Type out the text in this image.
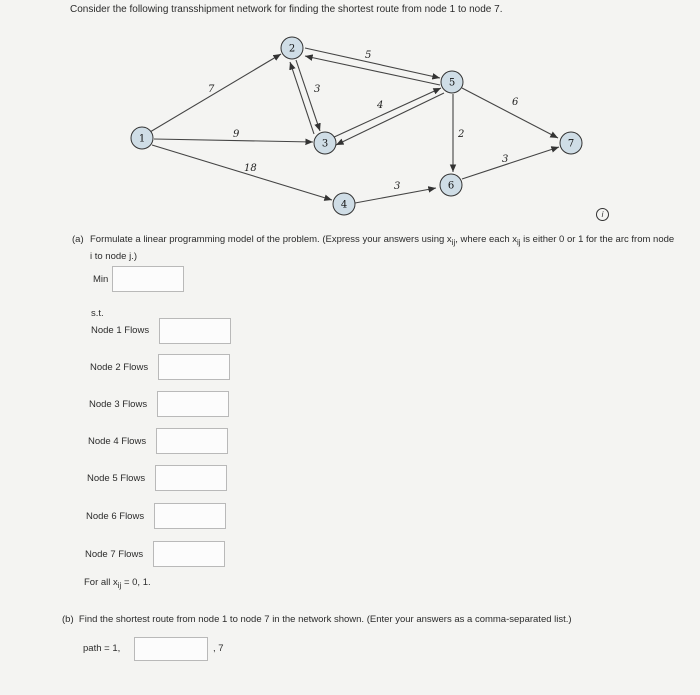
Consider the following transshipment network for finding the shortest route from node 1 to node 7.
7
9
18
5
3
4
3
6
2
3
1
2
3
4
5
6
7
i
(a) Formulate a linear programming model of the problem. (Express your answers using $x_{ij}$, where each $x_{ij}$ is either 0 or 1 for the arc from node i to node j.)
Min
s.t.
Node 1 Flows
Node 2 Flows
Node 3 Flows
Node 4 Flows
Node 5 Flows
Node 6 Flows
Node 7 Flows
For all $x_{ij} = 0$, 1.
(b) Find the shortest route from node 1 to node 7 in the network shown. (Enter your answers as a comma-separated list.)
path = 1,	, 7
